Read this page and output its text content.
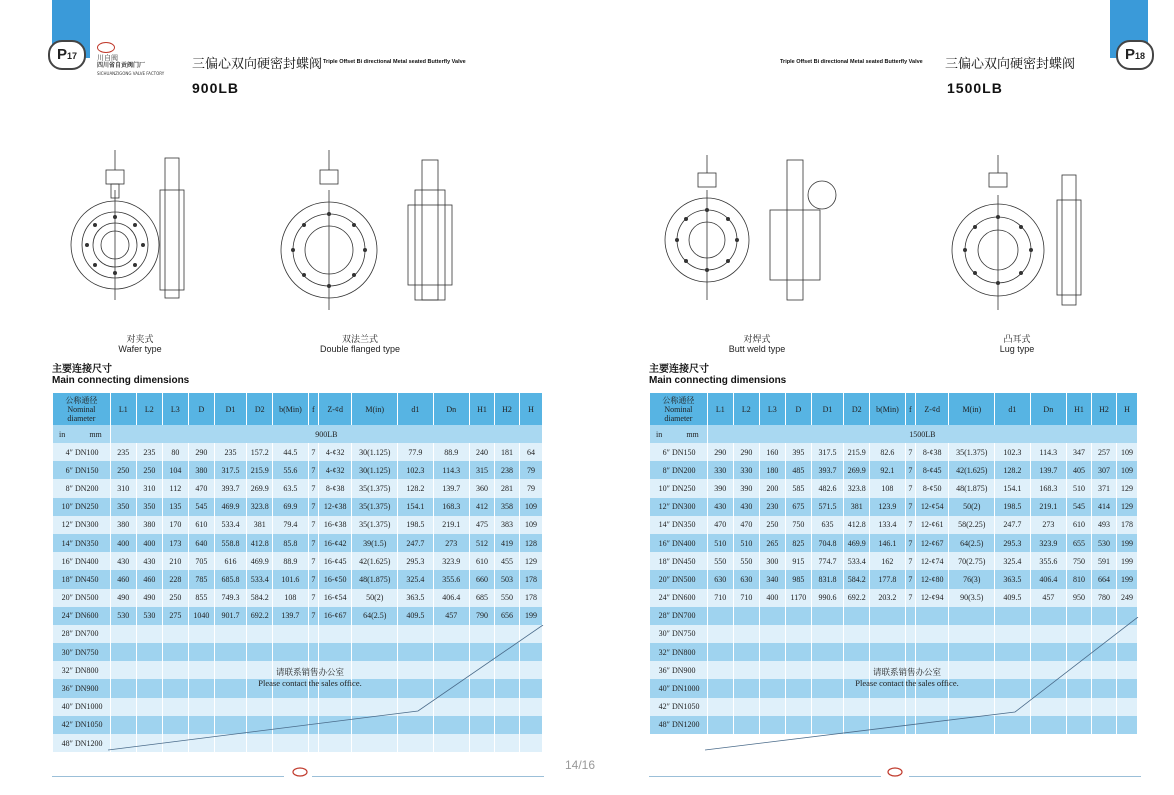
P17	川自阀
四川省自贡阀门厂
SICHUANZIGONG VALVE FACTORY
三偏心双向硬密封蝶阀 Triple Offset Bi directional Metal seated Butterfly Valve
900LB
对夹式
Wafer type
双法兰式
Double flanged type
主要连接尺寸
Main connecting dimensions
公称通径
Nominal
diameter	L1	L2	L3	D	D1	D2	b(Min)	f	Z-¢d	M(in)	d1	Dn	H1	H2	H

in mm	900LB														
4″ DN100	235	235	80	290	235	157.2	44.5	7	4-¢32	30(1.125)	77.9	88.9	240	181	64
6″ DN150	250	250	104	380	317.5	215.9	55.6	7	4-¢32	30(1.125)	102.3	114.3	315	238	79
8″ DN200	310	310	112	470	393.7	269.9	63.5	7	8-¢38	35(1.375)	128.2	139.7	360	281	79
10″ DN250	350	350	135	545	469.9	323.8	69.9	7	12-¢38	35(1.375)	154.1	168.3	412	358	109
12″ DN300	380	380	170	610	533.4	381	79.4	7	16-¢38	35(1.375)	198.5	219.1	475	383	109
14″ DN350	400	400	173	640	558.8	412.8	85.8	7	16-¢42	39(1.5)	247.7	273	512	419	128
16″ DN400	430	430	210	705	616	469.9	88.9	7	16-¢45	42(1.625)	295.3	323.9	610	455	129
18″ DN450	460	460	228	785	685.8	533.4	101.6	7	16-¢50	48(1.875)	325.4	355.6	660	503	178
20″ DN500	490	490	250	855	749.3	584.2	108	7	16-¢54	50(2)	363.5	406.4	685	550	178
24″ DN600	530	530	275	1040	901.7	692.2	139.7	7	16-¢67	64(2.5)	409.5	457	790	656	199
28″ DN700															
30″ DN750															
32″ DN800															
36″ DN900															
40″ DN1000															
42″ DN1050															
48″ DN1200															
请联系销售办公室
Please contact the sales office.
14/16
P18
Triple Offset Bi directional Metal seated Butterfly Valve 三偏心双向硬密封蝶阀
1500LB
对焊式
Butt weld type
凸耳式
Lug type
主要连接尺寸
Main connecting dimensions
公称通径
Nominal
diameter	L1	L2	L3	D	D1	D2	b(Min)	f	Z-¢d	M(in)	d1	Dn	H1	H2	H

in mm	1500LB														
6″ DN150	290	290	160	395	317.5	215.9	82.6	7	8-¢38	35(1.375)	102.3	114.3	347	257	109
8″ DN200	330	330	180	485	393.7	269.9	92.1	7	8-¢45	42(1.625)	128.2	139.7	405	307	109
10″ DN250	390	390	200	585	482.6	323.8	108	7	8-¢50	48(1.875)	154.1	168.3	510	371	129
12″ DN300	430	430	230	675	571.5	381	123.9	7	12-¢54	50(2)	198.5	219.1	545	414	129
14″ DN350	470	470	250	750	635	412.8	133.4	7	12-¢61	58(2.25)	247.7	273	610	493	178
16″ DN400	510	510	265	825	704.8	469.9	146.1	7	12-¢67	64(2.5)	295.3	323.9	655	530	199
18″ DN450	550	550	300	915	774.7	533.4	162	7	12-¢74	70(2.75)	325.4	355.6	750	591	199
20″ DN500	630	630	340	985	831.8	584.2	177.8	7	12-¢80	76(3)	363.5	406.4	810	664	199
24″ DN600	710	710	400	1170	990.6	692.2	203.2	7	12-¢94	90(3.5)	409.5	457	950	780	249
28″ DN700															
30″ DN750															
32″ DN800															
36″ DN900															
40″ DN1000															
42″ DN1050															
48″ DN1200															
请联系销售办公室
Please contact the sales office.
